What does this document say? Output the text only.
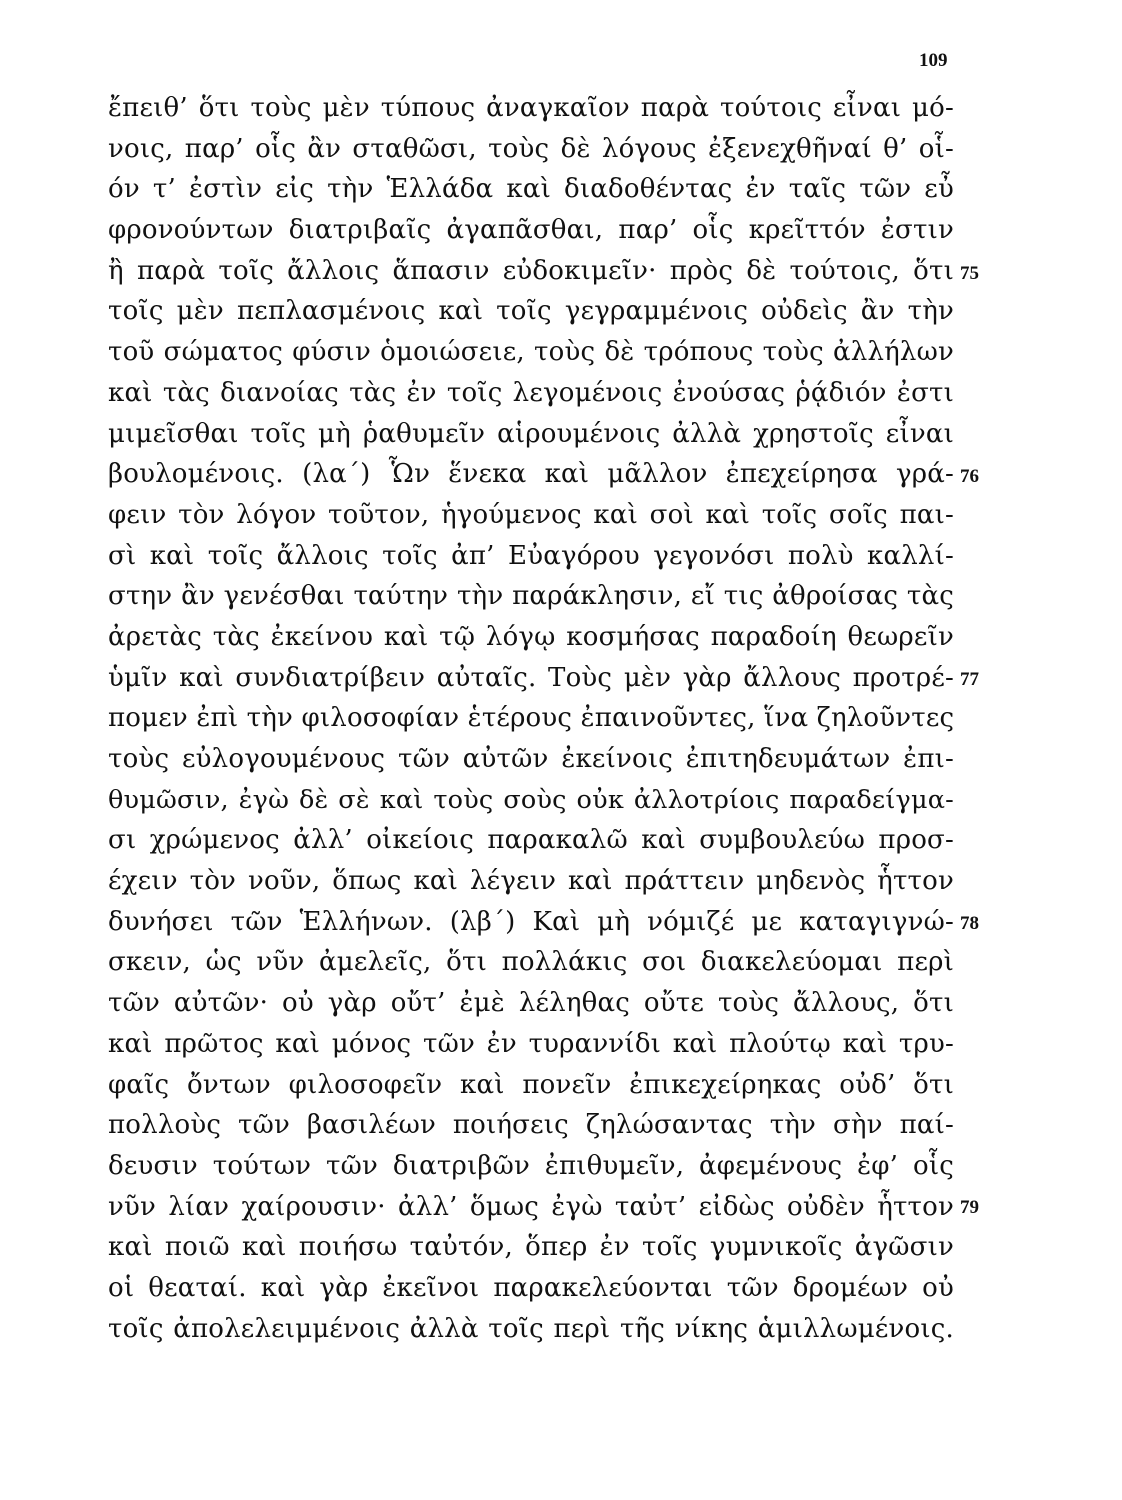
109
ἔπειθ’ ὅτι τοὺς μὲν τύπους ἀναγκαῖον παρὰ τούτοις εἶναι μό-
νοις, παρ’ οἷς ἂν σταθῶσι, τοὺς δὲ λόγους ἐξενεχθῆναί θ’ οἷ-
όν τ’ ἐστὶν εἰς τὴν Ἑλλάδα καὶ διαδοθέντας ἐν ταῖς τῶν εὖ
φρονούντων διατριβαῖς ἀγαπᾶσθαι, παρ’ οἷς κρεῖττόν ἐστιν
ἢ παρὰ τοῖς ἄλλοις ἅπασιν εὐδοκιμεῖν· πρὸς δὲ τούτοις, ὅτι
τοῖς μὲν πεπλασμένοις καὶ τοῖς γεγραμμένοις οὐδεὶς ἂν τὴν
τοῦ σώματος φύσιν ὁμοιώσειε, τοὺς δὲ τρόπους τοὺς ἀλλήλων
καὶ τὰς διανοίας τὰς ἐν τοῖς λεγομένοις ἐνούσας ῥᾴδιόν ἐστι
μιμεῖσθαι τοῖς μὴ ῥαθυμεῖν αἱρουμένοις ἀλλὰ χρηστοῖς εἶναι
βουλομένοις. (λα΄) Ὧν ἕνεκα καὶ μᾶλλον ἐπεχείρησα γρά-
φειν τὸν λόγον τοῦτον, ἡγούμενος καὶ σοὶ καὶ τοῖς σοῖς παι-
σὶ καὶ τοῖς ἄλλοις τοῖς ἀπ’ Εὐαγόρου γεγονόσι πολὺ καλλί-
στην ἂν γενέσθαι ταύτην τὴν παράκλησιν, εἴ τις ἀθροίσας τὰς
ἀρετὰς τὰς ἐκείνου καὶ τῷ λόγῳ κοσμήσας παραδοίη θεωρεῖν
ὑμῖν καὶ συνδιατρίβειν αὐταῖς. Τοὺς μὲν γὰρ ἄλλους προτρέ-
πομεν ἐπὶ τὴν φιλοσοφίαν ἑτέρους ἐπαινοῦντες, ἵνα ζηλοῦντες
τοὺς εὐλογουμένους τῶν αὐτῶν ἐκείνοις ἐπιτηδευμάτων ἐπι-
θυμῶσιν, ἐγὼ δὲ σὲ καὶ τοὺς σοὺς οὐκ ἀλλοτρίοις παραδείγμα-
σι χρώμενος ἀλλ’ οἰκείοις παρακαλῶ καὶ συμβουλεύω προσ-
έχειν τὸν νοῦν, ὅπως καὶ λέγειν καὶ πράττειν μηδενὸς ἧττον
δυνήσει τῶν Ἑλλήνων. (λβ΄) Καὶ μὴ νόμιζέ με καταγιγνώ-
σκειν, ὡς νῦν ἀμελεῖς, ὅτι πολλάκις σοι διακελεύομαι περὶ
τῶν αὐτῶν· οὐ γὰρ οὔτ’ ἐμὲ λέληθας οὔτε τοὺς ἄλλους, ὅτι
καὶ πρῶτος καὶ μόνος τῶν ἐν τυραννίδι καὶ πλούτῳ καὶ τρυ-
φαῖς ὄντων φιλοσοφεῖν καὶ πονεῖν ἐπικεχείρηκας οὐδ’ ὅτι
πολλοὺς τῶν βασιλέων ποιήσεις ζηλώσαντας τὴν σὴν παί-
δευσιν τούτων τῶν διατριβῶν ἐπιθυμεῖν, ἀφεμένους ἐφ’ οἷς
νῦν λίαν χαίρουσιν· ἀλλ’ ὅμως ἐγὼ ταὐτ’ εἰδὼς οὐδὲν ἧττον
καὶ ποιῶ καὶ ποιήσω ταὐτόν, ὅπερ ἐν τοῖς γυμνικοῖς ἀγῶσιν
οἱ θεαταί. καὶ γὰρ ἐκεῖνοι παρακελεύονται τῶν δρομέων οὐ
τοῖς ἀπολελειμμένοις ἀλλὰ τοῖς περὶ τῆς νίκης ἁμιλλωμένοις.
75
76
77
78
79
